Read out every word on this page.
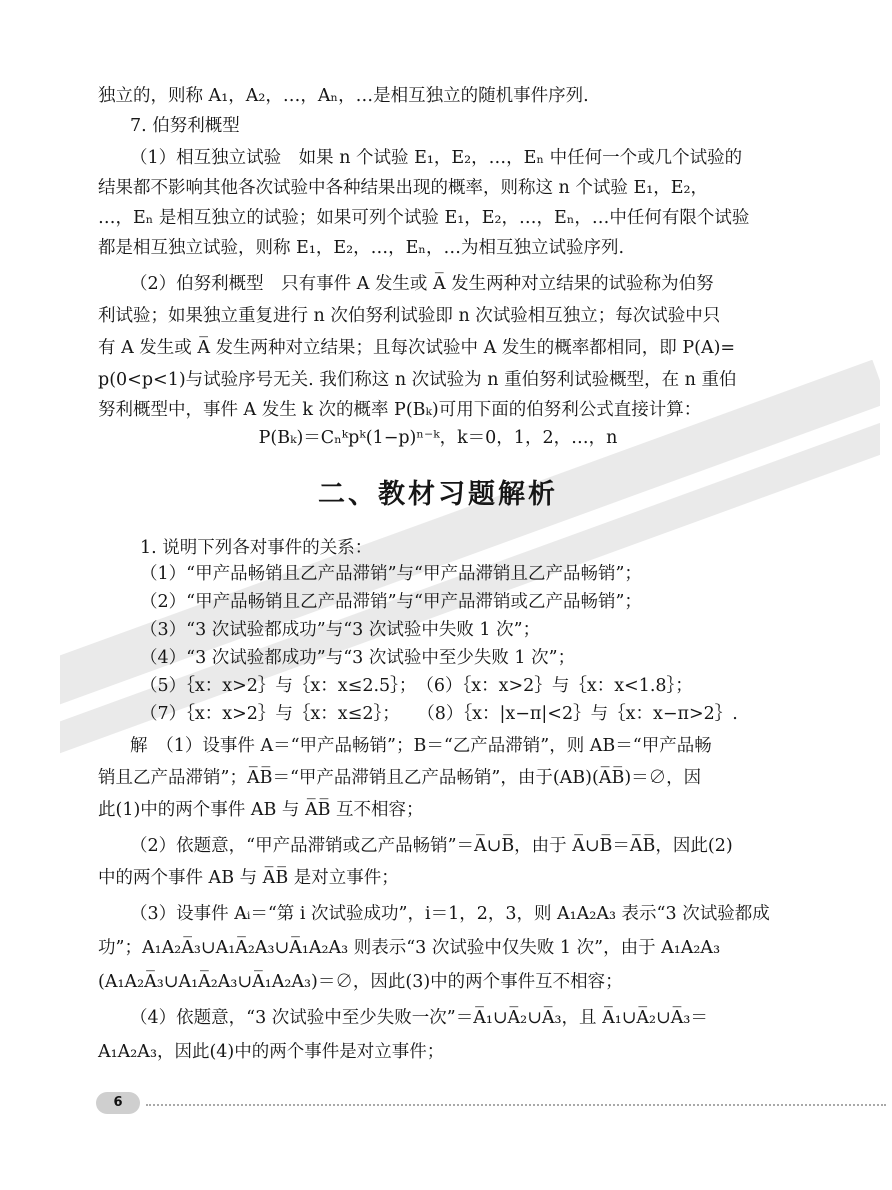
独立的，则称 A₁，A₂，…，Aₙ，…是相互独立的随机事件序列.

7. 伯努利概型

（1）相互独立试验　如果 n 个试验 E₁，E₂，…，Eₙ 中任何一个或几个试验的

结果都不影响其他各次试验中各种结果出现的概率，则称这 n 个试验 E₁，E₂，

…，Eₙ 是相互独立的试验；如果可列个试验 E₁，E₂，…，Eₙ，…中任何有限个试验

都是相互独立试验，则称 E₁，E₂，…，Eₙ，…为相互独立试验序列.

（2）伯努利概型　只有事件 A 发生或 A̅ 发生两种对立结果的试验称为伯努

利试验；如果独立重复进行 n 次伯努利试验即 n 次试验相互独立；每次试验中只

有 A 发生或 A̅ 发生两种对立结果；且每次试验中 A 发生的概率都相同，即 P(A)=

p(0<p<1)与试验序号无关. 我们称这 n 次试验为 n 重伯努利试验概型，在 n 重伯

努利概型中，事件 A 发生 k 次的概率 P(Bₖ)可用下面的伯努利公式直接计算：

P(Bₖ)＝Cₙᵏpᵏ(1−p)ⁿ⁻ᵏ，k＝0，1，2，…，n

二、教材习题解析

1. 说明下列各对事件的关系：

（1）“甲产品畅销且乙产品滞销”与“甲产品滞销且乙产品畅销”；

（2）“甲产品畅销且乙产品滞销”与“甲产品滞销或乙产品畅销”；

（3）“3 次试验都成功”与“3 次试验中失败 1 次”；

（4）“3 次试验都成功”与“3 次试验中至少失败 1 次”；

（5）｛x：x>2｝与｛x：x≤2.5｝；　（6）｛x：x>2｝与｛x：x<1.8｝；

（7）｛x：x>2｝与｛x：x≤2｝；　　（8）｛x：|x−π|<2｝与｛x：x−π>2｝.

解　（1）设事件 A＝“甲产品畅销”；B＝“乙产品滞销”，则 AB＝“甲产品畅

销且乙产品滞销”；A̅B̅＝“甲产品滞销且乙产品畅销”，由于(AB)(A̅B̅)＝∅，因

此(1)中的两个事件 AB 与 A̅B̅ 互不相容；

（2）依题意，“甲产品滞销或乙产品畅销”＝A̅∪B̅，由于 A̅∪B̅＝A̅B̅，因此(2)

中的两个事件 AB 与 A̅B̅ 是对立事件；

（3）设事件 Aᵢ＝“第 i 次试验成功”，i＝1，2，3，则 A₁A₂A₃ 表示“3 次试验都成

功”；A₁A₂A̅₃∪A₁A̅₂A₃∪A̅₁A₂A₃ 则表示“3 次试验中仅失败 1 次”，由于 A₁A₂A₃

(A₁A₂A̅₃∪A₁A̅₂A₃∪A̅₁A₂A₃)＝∅，因此(3)中的两个事件互不相容；

（4）依题意，“3 次试验中至少失败一次”＝A̅₁∪A̅₂∪A̅₃，且 A̅₁∪A̅₂∪A̅₃＝

A₁A₂A₃，因此(4)中的两个事件是对立事件；

6
